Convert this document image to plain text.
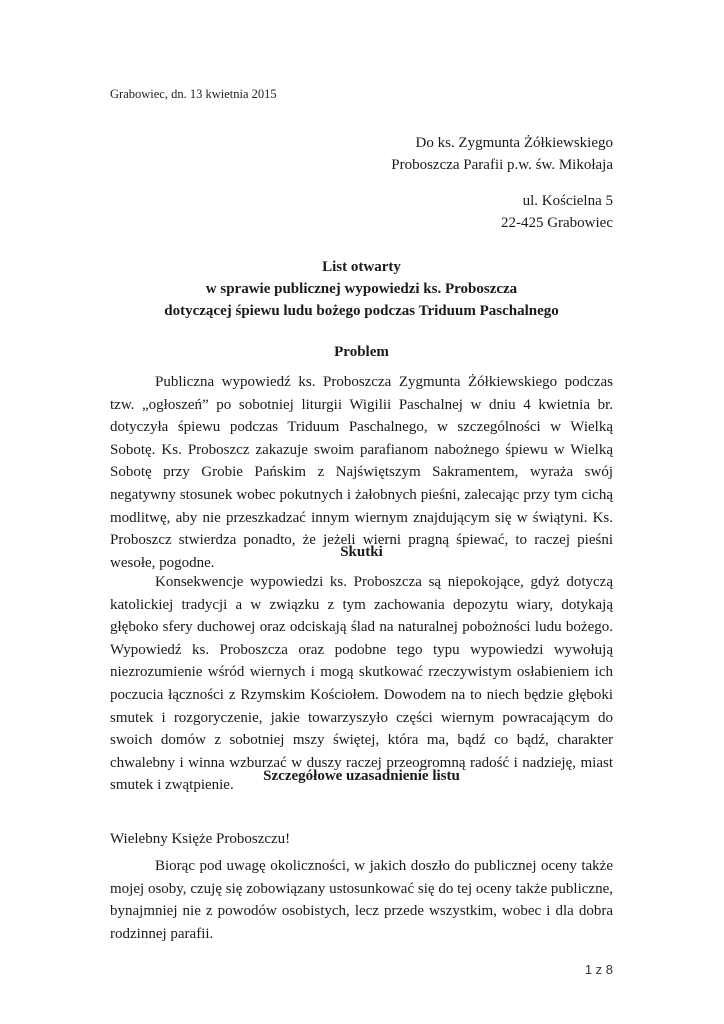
Grabowiec, dn. 13 kwietnia 2015
Do ks. Zygmunta Żółkiewskiego
Proboszcza Parafii p.w. św. Mikołaja
ul. Kościelna 5
22-425 Grabowiec
List otwarty
w sprawie publicznej wypowiedzi ks. Proboszcza
dotyczącej śpiewu ludu bożego podczas Triduum Paschalnego
Problem

Publiczna wypowiedź ks. Proboszcza Zygmunta Żółkiewskiego podczas tzw. „ogłoszeń” po sobotniej liturgii Wigilii Paschalnej w dniu 4 kwietnia br. dotyczyła śpiewu podczas Triduum Paschalnego, w szczególności w Wielką Sobotę. Ks. Proboszcz zakazuje swoim parafianom nabożnego śpiewu w Wielką Sobotę przy Grobie Pańskim z Najświętszym Sakramentem, wyraża swój negatywny stosunek wobec pokutnych i żałobnych pieśni, zalecając przy tym cichą modlitwę, aby nie przeszkadzać innym wiernym znajdującym się w świątyni. Ks. Proboszcz stwierdza ponadto, że jeżeli wierni pragną śpiewać, to raczej pieśni wesołe, pogodne.

Skutki

Konsekwencje wypowiedzi ks. Proboszcza są niepokojące, gdyż dotyczą katolickiej tradycji a w związku z tym zachowania depozytu wiary, dotykają głęboko sfery duchowej oraz odciskają ślad na naturalnej pobożności ludu bożego. Wypowiedź ks. Proboszcza oraz podobne tego typu wypowiedzi wywołują niezrozumienie wśród wiernych i mogą skutkować rzeczywistym osłabieniem ich poczucia łączności z Rzymskim Kościołem. Dowodem na to niech będzie głęboki smutek i rozgoryczenie, jakie towarzyszyło części wiernym powracającym do swoich domów z sobotniej mszy świętej, która ma, bądź co bądź, charakter chwalebny i winna wzburzać w duszy raczej przeogromną radość i nadzieję, miast smutek i zwątpienie.

Szczegółowe uzasadnienie listu
Wielebny Księże Proboszczu!

Biorąc pod uwagę okoliczności, w jakich doszło do publicznej oceny także mojej osoby, czuję się zobowiązany ustosunkować się do tej oceny także publiczne, bynajmniej nie z powodów osobistych, lecz przede wszystkim, wobec i dla dobra rodzinnej parafii.

1 z 8
